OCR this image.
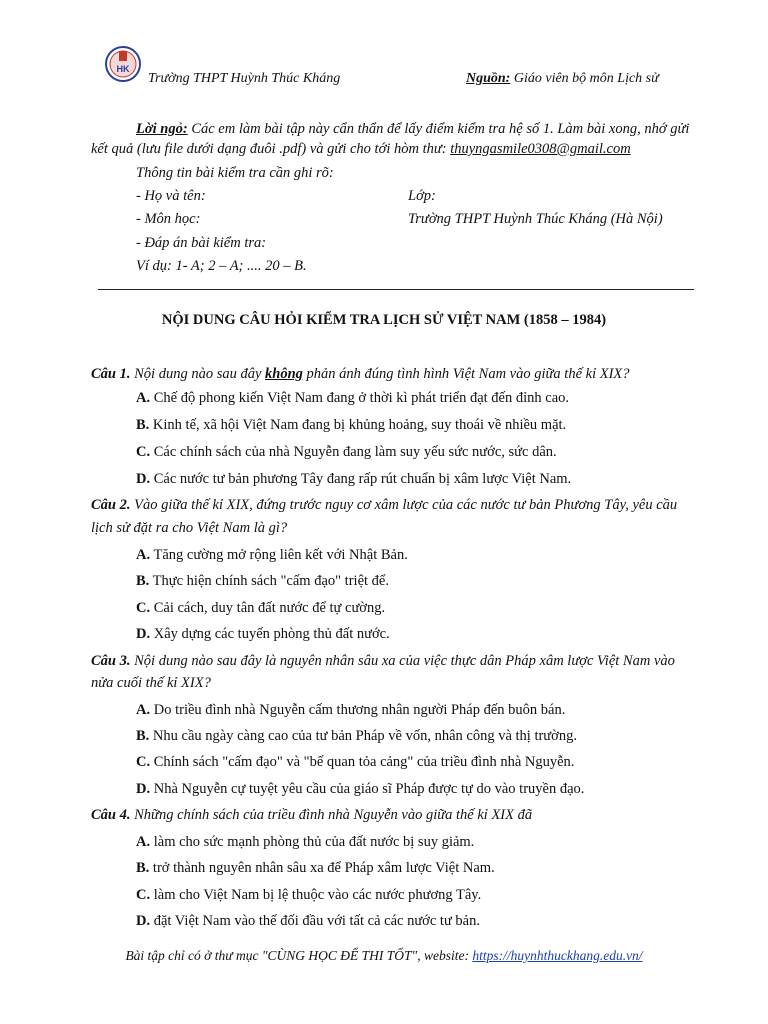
HK
Trường THPT Huỳnh Thúc Kháng	Nguồn: Giáo viên bộ môn Lịch sử
Lời ngỏ: Các em làm bài tập này cẩn thẩn để lấy điểm kiểm tra hệ số 1. Làm bài xong, nhớ gửi
kết quả (lưu file dưới dạng đuôi .pdf) và gửi cho tới hòm thư: thuyngasmile0308@gmail.com
Thông tin bài kiểm tra cần ghi rõ:
- Họ và tên:	Lớp:
- Môn học:	Trường THPT Huỳnh Thúc Kháng (Hà Nội)
- Đáp án bài kiểm tra:
Ví dụ: 1- A; 2 – A; .... 20 – B.
NỘI DUNG CÂU HỎI KIỂM TRA LỊCH SỬ VIỆT NAM (1858 – 1984)
Câu 1. Nội dung nào sau đây không phản ánh đúng tình hình Việt Nam vào giữa thế kỉ XIX?
A. Chế độ phong kiến Việt Nam đang ở thời kì phát triển đạt đến đỉnh cao.
B. Kinh tế, xã hội Việt Nam đang bị khủng hoảng, suy thoái về nhiều mặt.
C. Các chính sách của nhà Nguyễn đang làm suy yếu sức nước, sức dân.
D. Các nước tư bản phương Tây đang rấp rút chuẩn bị xâm lược Việt Nam.
Câu 2. Vào giữa thế kỉ XIX, đứng trước nguy cơ xâm lược của các nước tư bản Phương Tây, yêu cầu
lịch sử đặt ra cho Việt Nam là gì?
A. Tăng cường mở rộng liên kết với Nhật Bản.
B. Thực hiện chính sách "cấm đạo" triệt để.
C. Cải cách, duy tân đất nước để tự cường.
D. Xây dựng các tuyến phòng thủ đất nước.
Câu 3. Nội dung nào sau đây là nguyên nhân sâu xa của việc thực dân Pháp xâm lược Việt Nam vào
nửa cuối thế kỉ XIX?
A. Do triều đình nhà Nguyễn cấm thương nhân người Pháp đến buôn bán.
B. Nhu cầu ngày càng cao của tư bản Pháp về vốn, nhân công và thị trường.
C. Chính sách "cấm đạo" và "bế quan tỏa cảng" của triều đình nhà Nguyễn.
D. Nhà Nguyễn cự tuyệt yêu cầu của giáo sĩ Pháp được tự do vào truyền đạo.
Câu 4. Những chính sách của triều đình nhà Nguyễn vào giữa thế kỉ XIX đã
A. làm cho sức mạnh phòng thủ của đất nước bị suy giảm.
B. trở thành nguyên nhân sâu xa để Pháp xâm lược Việt Nam.
C. làm cho Việt Nam bị lệ thuộc vào các nước phương Tây.
D. đặt Việt Nam vào thế đối đầu với tất cả các nước tư bản.
Bài tập chỉ có ở thư mục "CÙNG HỌC ĐỂ THI TỐT", website: https://huynhthuckhang.edu.vn/
